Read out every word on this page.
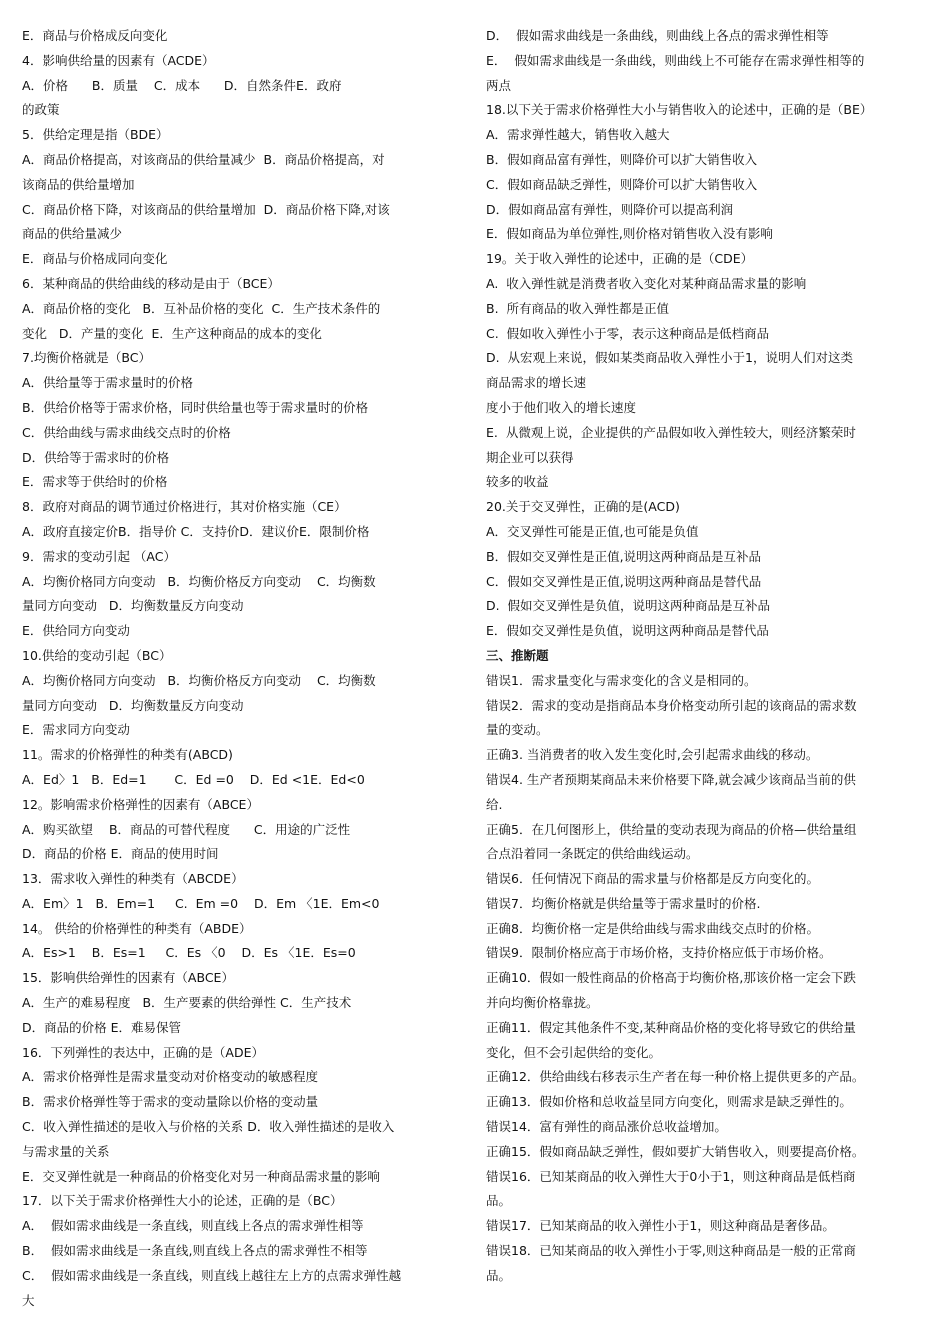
E．商品与价格成反向变化

4．影响供给量的因素有（ACDE）

A．价格      B．质量    C．成本      D．自然条件E．政府

的政策

5．供给定理是指（BDE）

A．商品价格提高，对该商品的供给量减少  B．商品价格提高，对

该商品的供给量增加

C．商品价格下降，对该商品的供给量增加  D．商品价格下降,对该

商品的供给量减少

E．商品与价格成同向变化

6．某种商品的供给曲线的移动是由于（BCE）

A．商品价格的变化   B．互补品价格的变化  C．生产技术条件的

变化   D．产量的变化  E．生产这种商品的成本的变化

7.均衡价格就是（BC）

A．供给量等于需求量时的价格

B．供给价格等于需求价格，同时供给量也等于需求量时的价格

C．供给曲线与需求曲线交点时的价格

D．供给等于需求时的价格

E．需求等于供给时的价格

8．政府对商品的调节通过价格进行，其对价格实施（CE）

A．政府直接定价B．指导价 C．支持价D．建议价E．限制价格

9．需求的变动引起 （AC）

A．均衡价格同方向变动   B．均衡价格反方向变动    C．均衡数

量同方向变动   D．均衡数量反方向变动

E．供给同方向变动

10.供给的变动引起（BC）

A．均衡价格同方向变动   B．均衡价格反方向变动    C．均衡数

量同方向变动   D．均衡数量反方向变动

E．需求同方向变动

11。需求的价格弹性的种类有(ABCD)

A．Ed〉1   B．Ed=1       C．Ed =0    D．Ed <1E．Ed<0

12。影响需求价格弹性的因素有（ABCE）

A．购买欲望    B．商品的可替代程度      C．用途的广泛性

D．商品的价格 E．商品的使用时间

13．需求收入弹性的种类有（ABCDE）

A．Em〉1   B．Em=1     C.  Em =0    D．Em 〈1E．Em<0

14。 供给的价格弹性的种类有（ABDE）

A．Es>1    B．Es=1     C．Es 〈0    D．Es 〈1E．Es=0

15．影响供给弹性的因素有（ABCE）

A．生产的难易程度   B．生产要素的供给弹性 C．生产技术

D．商品的价格 E．难易保管

16．下列弹性的表达中，正确的是（ADE）

A．需求价格弹性是需求量变动对价格变动的敏感程度

B．需求价格弹性等于需求的变动量除以价格的变动量

C．收入弹性描述的是收入与价格的关系 D．收入弹性描述的是收入

与需求量的关系

E．交叉弹性就是一种商品的价格变化对另一种商品需求量的影响

17．以下关于需求价格弹性大小的论述，正确的是（BC）

A．  假如需求曲线是一条直线，则直线上各点的需求弹性相等

B．  假如需求曲线是一条直线,则直线上各点的需求弹性不相等

C．  假如需求曲线是一条直线，则直线上越往左上方的点需求弹性越

大

D．  假如需求曲线是一条曲线，则曲线上各点的需求弹性相等

E．  假如需求曲线是一条曲线，则曲线上不可能存在需求弹性相等的

两点

18.以下关于需求价格弹性大小与销售收入的论述中，正确的是（BE）

A．需求弹性越大，销售收入越大

B．假如商品富有弹性，则降价可以扩大销售收入

C．假如商品缺乏弹性，则降价可以扩大销售收入

D．假如商品富有弹性，则降价可以提高利润

E．假如商品为单位弹性,则价格对销售收入没有影响

19。关于收入弹性的论述中，正确的是（CDE）

A.  收入弹性就是消费者收入变化对某种商品需求量的影响

B.  所有商品的收入弹性都是正值

C.  假如收入弹性小于零，表示这种商品是低档商品

D.  从宏观上来说，假如某类商品收入弹性小于1，说明人们对这类

商品需求的增长速

度小于他们收入的增长速度

E.  从微观上说，企业提供的产品假如收入弹性较大，则经济繁荣时

期企业可以获得

较多的收益

20.关于交叉弹性，正确的是(ACD)

A．交叉弹性可能是正值,也可能是负值

B．假如交叉弹性是正值,说明这两种商品是互补品

C．假如交叉弹性是正值,说明这两种商品是替代品

D.  假如交叉弹性是负值，说明这两种商品是互补品

E．假如交叉弹性是负值，说明这两种商品是替代品

三、推断题

错误1．需求量变化与需求变化的含义是相同的。

错误2．需求的变动是指商品本身价格变动所引起的该商品的需求数

量的变动。

正确3. 当消费者的收入发生变化时,会引起需求曲线的移动。

错误4. 生产者预期某商品未来价格要下降,就会减少该商品当前的供

给.

正确5．在几何图形上，供给量的变动表现为商品的价格—供给量组

合点沿着同一条既定的供给曲线运动。

错误6．任何情况下商品的需求量与价格都是反方向变化的。

错误7．均衡价格就是供给量等于需求量时的价格.

正确8．均衡价格一定是供给曲线与需求曲线交点时的价格。

错误9．限制价格应高于市场价格，支持价格应低于市场价格。

正确10．假如一般性商品的价格高于均衡价格,那该价格一定会下跌

并向均衡价格靠拢。

正确11．假定其他条件不变,某种商品价格的变化将导致它的供给量

变化，但不会引起供给的变化。

正确12．供给曲线右移表示生产者在每一种价格上提供更多的产品。

正确13．假如价格和总收益呈同方向变化，则需求是缺乏弹性的。

错误14．富有弹性的商品涨价总收益增加。

正确15．假如商品缺乏弹性，假如要扩大销售收入，则要提高价格。

错误16．已知某商品的收入弹性大于0小于1，则这种商品是低档商

品。

错误17．已知某商品的收入弹性小于1，则这种商品是奢侈品。

错误18．已知某商品的收入弹性小于零,则这种商品是一般的正常商

品。
